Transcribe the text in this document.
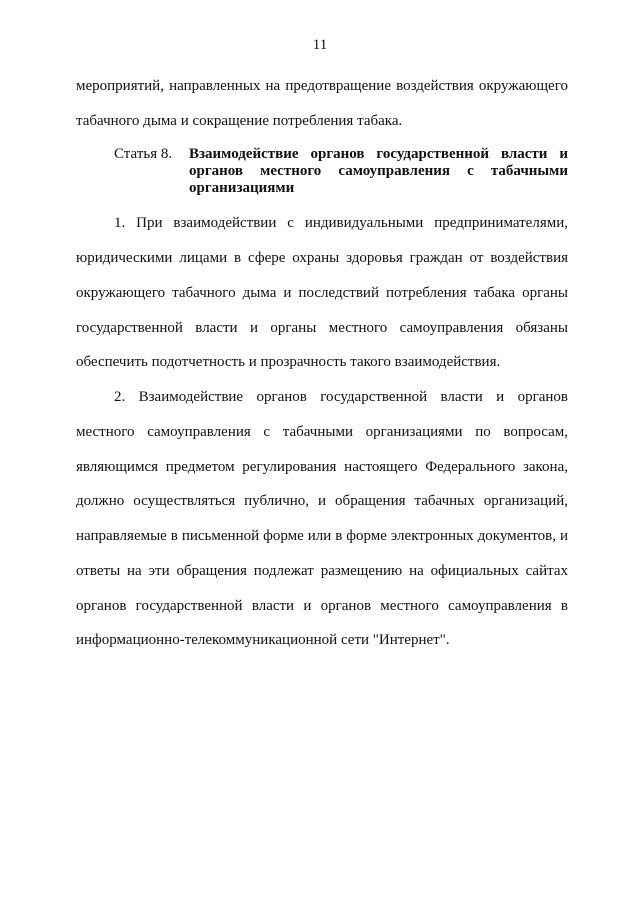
11
мероприятий, направленных на предотвращение воздействия окружающего
табачного дыма и сокращение потребления табака.
Статья 8. Взаимодействие органов государственной власти и
органов местного самоуправления с табачными
организациями
1. При взаимодействии с индивидуальными предпринимателями,
юридическими лицами в сфере охраны здоровья граждан от воздействия
окружающего табачного дыма и последствий потребления табака органы
государственной власти и органы местного самоуправления обязаны
обеспечить подотчетность и прозрачность такого взаимодействия.
2. Взаимодействие органов государственной власти и органов
местного самоуправления с табачными организациями по вопросам,
являющимся предметом регулирования настоящего Федерального закона,
должно осуществляться публично, и обращения табачных организаций,
направляемые в письменной форме или в форме электронных документов, и
ответы на эти обращения подлежат размещению на официальных сайтах
органов государственной власти и органов местного самоуправления в
информационно-телекоммуникационной сети "Интернет".
